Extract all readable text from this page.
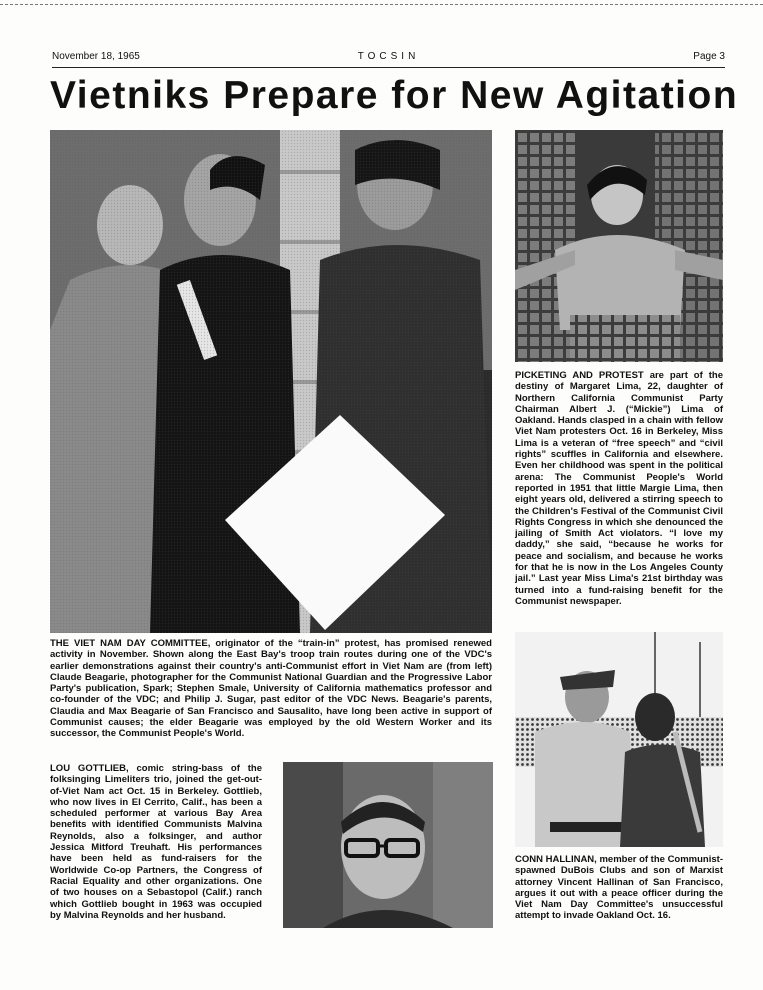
November 18, 1965	TOCSIN	Page 3
Vietniks Prepare for New Agitation
THE VIET NAM DAY COMMITTEE, originator of the “train-in” protest, has promised renewed activity in November. Shown along the East Bay's troop train routes during one of the VDC's earlier demonstrations against their country's anti-Communist effort in Viet Nam are (from left) Claude Beagarie, photographer for the Communist National Guardian and the Progressive Labor Party's publication, Spark; Stephen Smale, University of California mathematics professor and co-founder of the VDC; and Philip J. Sugar, past editor of the VDC News. Beagarie's parents, Claudia and Max Beagarie of San Francisco and Sausalito, have long been active in support of Communist causes; the elder Beagarie was employed by the old Western Worker and its successor, the Communist People's World.
PICKETING AND PROTEST are part of the destiny of Margaret Lima, 22, daughter of Northern California Communist Party Chairman Albert J. (“Mickie”) Lima of Oakland. Hands clasped in a chain with fellow Viet Nam protesters Oct. 16 in Berkeley, Miss Lima is a veteran of “free speech” and “civil rights” scuffles in California and elsewhere. Even her childhood was spent in the political arena: The Communist People's World reported in 1951 that little Margie Lima, then eight years old, delivered a stirring speech to the Children's Festival of the Communist Civil Rights Congress in which she denounced the jailing of Smith Act violators. “I love my daddy,” she said, “because he works for peace and socialism, and because he works for that he is now in the Los Angeles County jail.” Last year Miss Lima's 21st birthday was turned into a fund-raising benefit for the Communist newspaper.
LOU GOTTLIEB, comic string-bass of the folksinging Limeliters trio, joined the get-out-of-Viet Nam act Oct. 15 in Berkeley. Gottlieb, who now lives in El Cerrito, Calif., has been a scheduled performer at various Bay Area benefits with identified Communists Malvina Reynolds, also a folksinger, and author Jessica Mitford Treuhaft. His performances have been held as fund-raisers for the Worldwide Co-op Partners, the Congress of Racial Equality and other organizations. One of two houses on a Sebastopol (Calif.) ranch which Gottlieb bought in 1963 was occupied by Malvina Reynolds and her husband.
CONN HALLINAN, member of the Communist-spawned DuBois Clubs and son of Marxist attorney Vincent Hallinan of San Francisco, argues it out with a peace officer during the Viet Nam Day Committee's unsuccessful attempt to invade Oakland Oct. 16.
